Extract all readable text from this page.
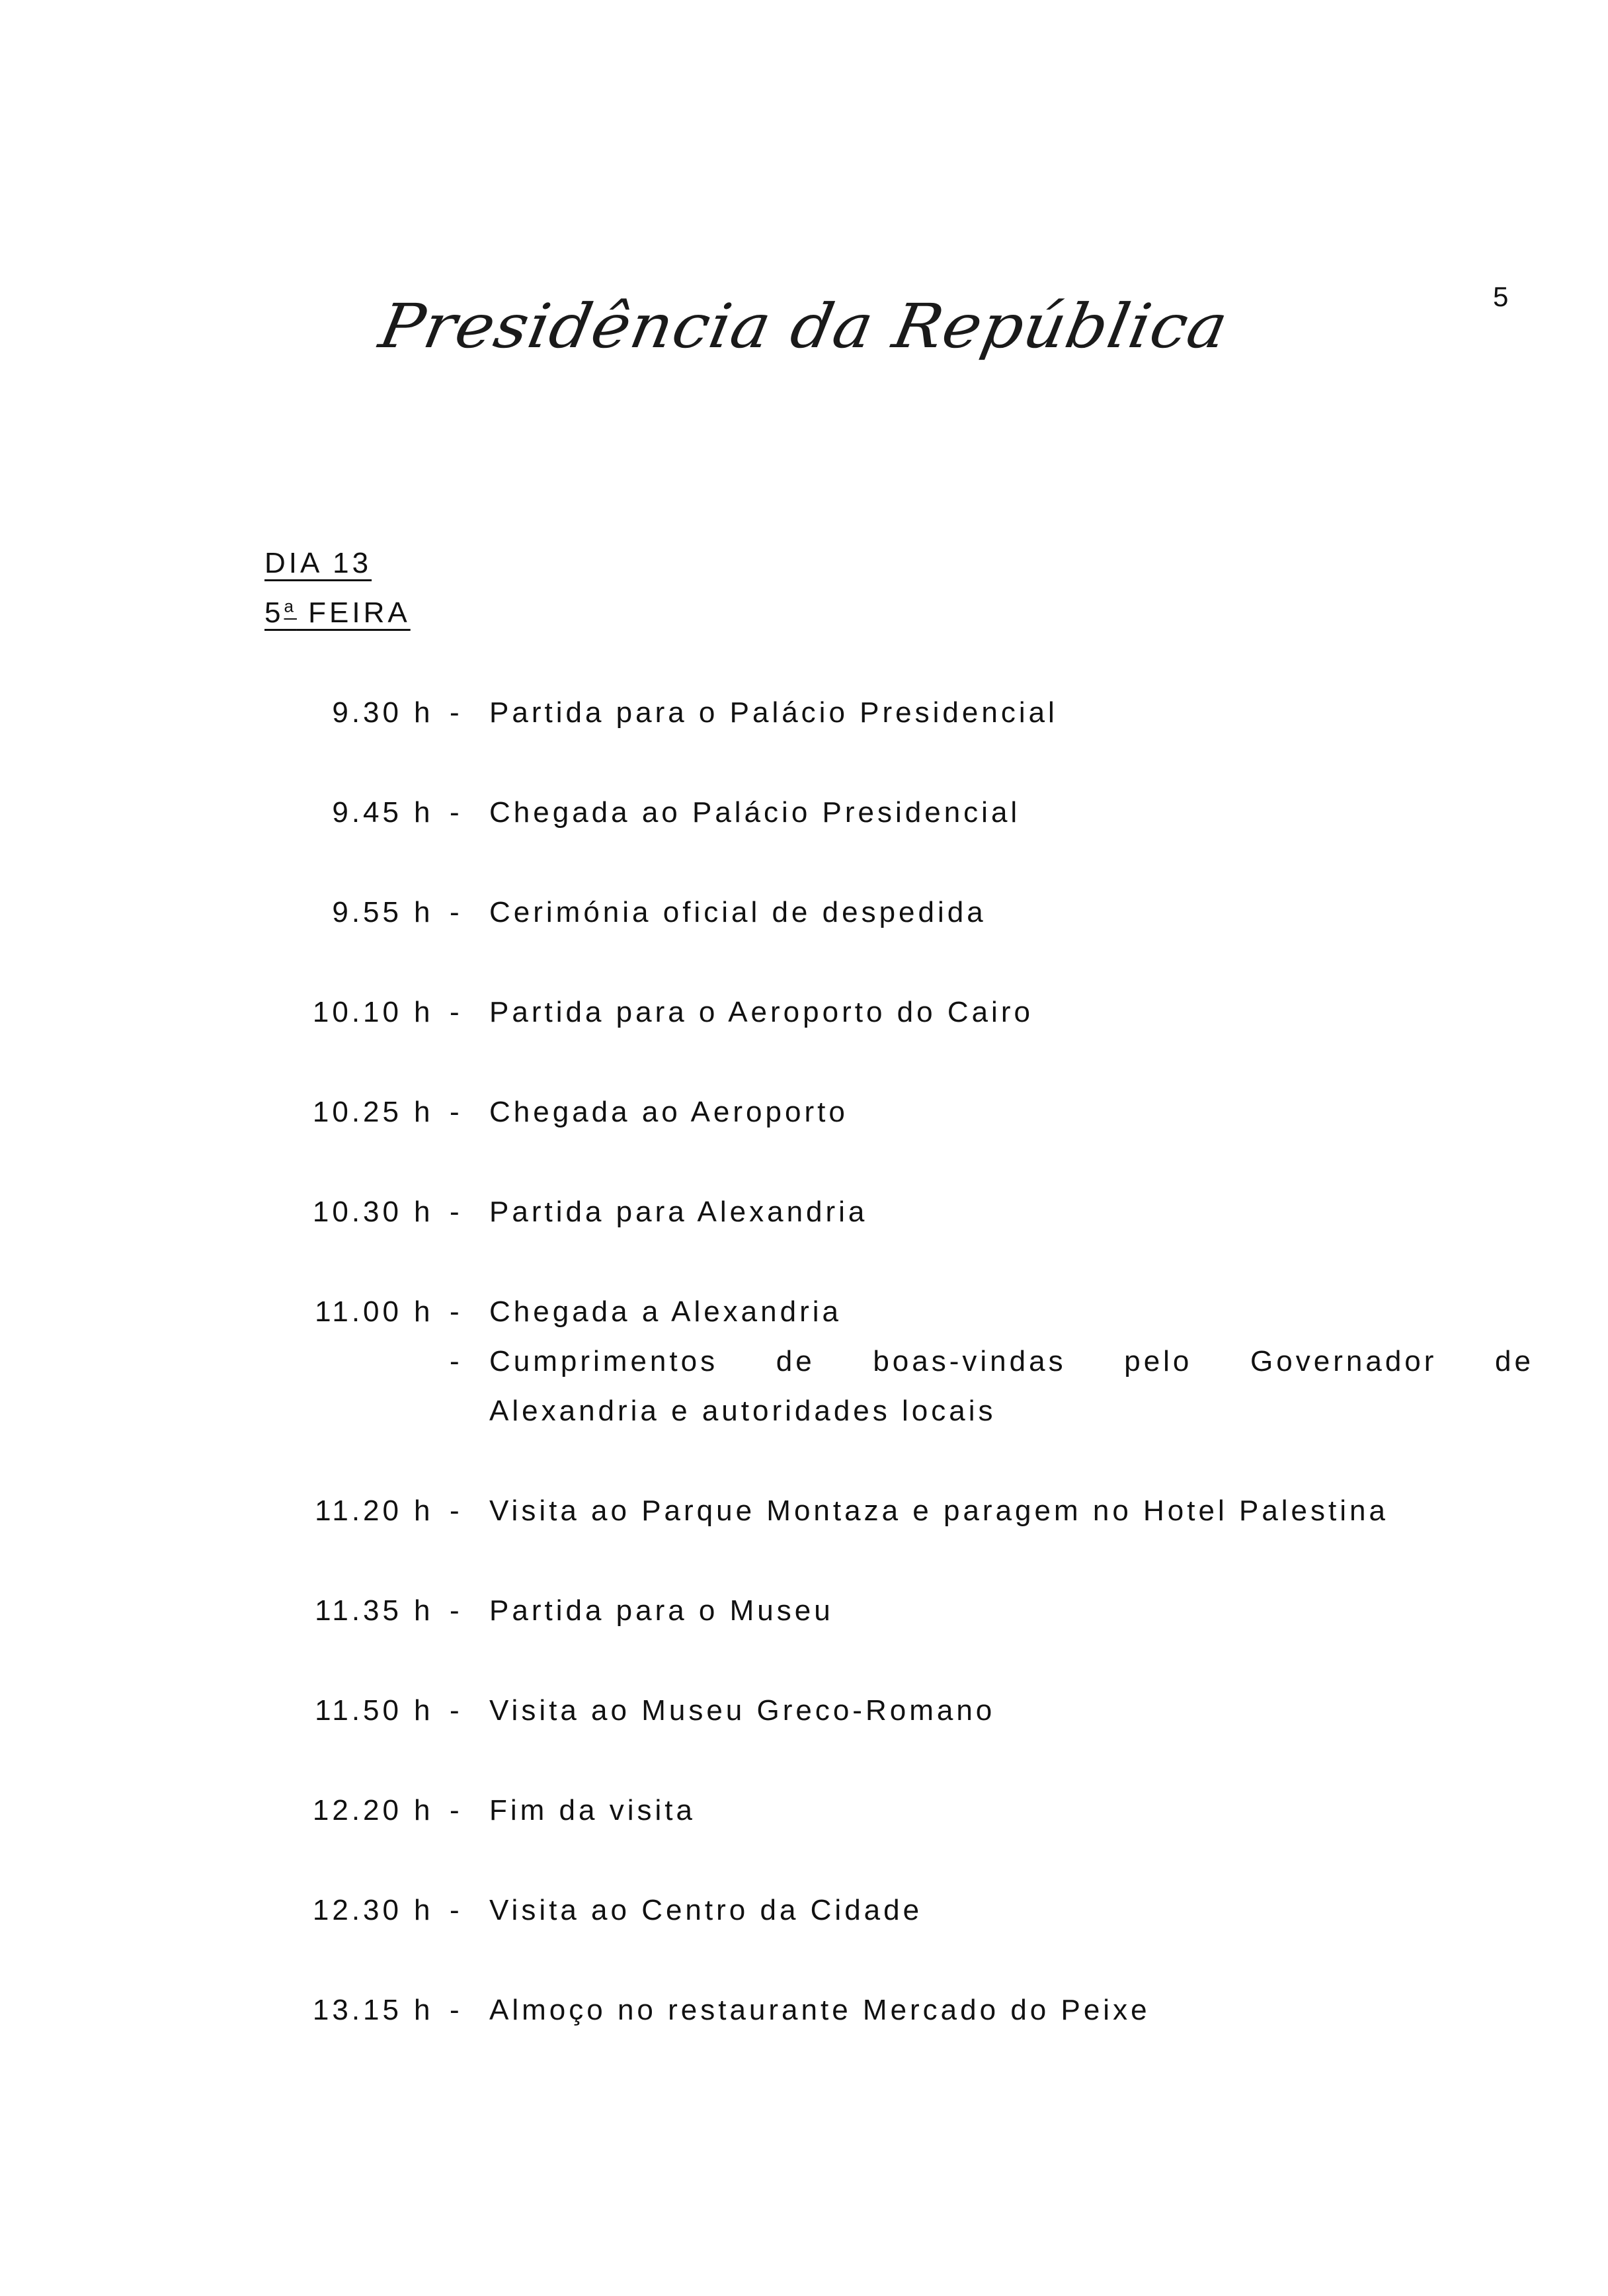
5
Presidência da República
DIA 13
5$^a$ FEIRA
9.30 h - Partida para o Palácio Presidencial
9.45 h - Chegada ao Palácio Presidencial
9.55 h - Cerimónia oficial de despedida
10.10 h - Partida para o Aeroporto do Cairo
10.25 h - Chegada ao Aeroporto
10.30 h - Partida para Alexandria
11.00 h - Chegada a Alexandria
- Cumprimentos de boas-vindas pelo Governador de
Alexandria e autoridades locais
11.20 h - Visita ao Parque Montaza e paragem no Hotel Palestina
11.35 h - Partida para o Museu
11.50 h - Visita ao Museu Greco-Romano
12.20 h - Fim da visita
12.30 h - Visita ao Centro da Cidade
13.15 h - Almoço no restaurante Mercado do Peixe
